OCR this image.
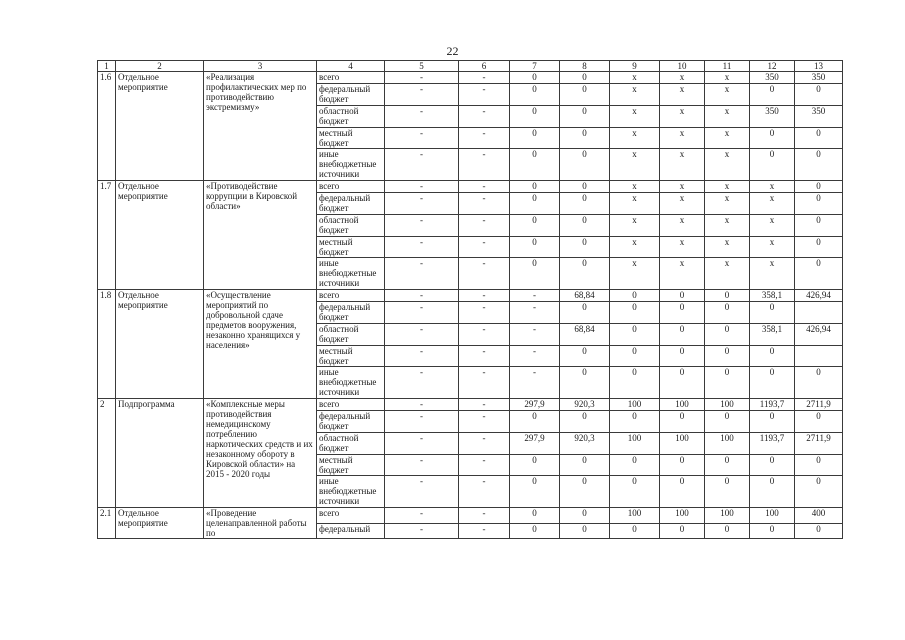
22
1	2	3	4	5	6	7	8	9	10	11	12	13
1.6	Отдельное мероприятие	«Реализация профилактических мер по противодействию экстремизму»	всего	-	-	0	0	х	х	х	350	350
			федеральный бюджет	-	-	0	0	х	х	х	0	0
			областной бюджет	-	-	0	0	х	х	х	350	350
			местный бюджет	-	-	0	0	х	х	х	0	0
			иные внебюджетные источники	-	-	0	0	х	х	х	0	0
1.7	Отдельное мероприятие	«Противодействие коррупции в Кировской области»	всего	-	-	0	0	х	х	х	х	0
			федеральный бюджет	-	-	0	0	х	х	х	х	0
			областной бюджет	-	-	0	0	х	х	х	х	0
			местный бюджет	-	-	0	0	х	х	х	х	0
			иные внебюджетные источники	-	-	0	0	х	х	х	х	0
1.8	Отдельное мероприятие	«Осуществление мероприятий по добровольной сдаче предметов вооружения, незаконно хранящихся у населения»	всего	-	-	-	68,84	0	0	0	358,1	426,94
			федеральный бюджет	-	-	-	0	0	0	0	0	
			областной бюджет	-	-	-	68,84	0	0	0	358,1	426,94
			местный бюджет	-	-	-	0	0	0	0	0	
			иные внебюджетные источники	-	-	-	0	0	0	0	0	0
2	Подпрограмма	«Комплексные меры противодействия немедицинскому потреблению наркотических средств и их незаконному обороту в Кировской области» на 2015 - 2020 годы	всего	-	-	297,9	920,3	100	100	100	1193,7	2711,9
			федеральный бюджет	-	-	0	0	0	0	0	0	0
			областной бюджет	-	-	297,9	920,3	100	100	100	1193,7	2711,9
			местный бюджет	-	-	0	0	0	0	0	0	0
			иные внебюджетные источники	-	-	0	0	0	0	0	0	0
2.1	Отдельное мероприятие	«Проведение целенаправленной работы по	всего	-	-	0	0	100	100	100	100	400
			федеральный	-	-	0	0	0	0	0	0	0
